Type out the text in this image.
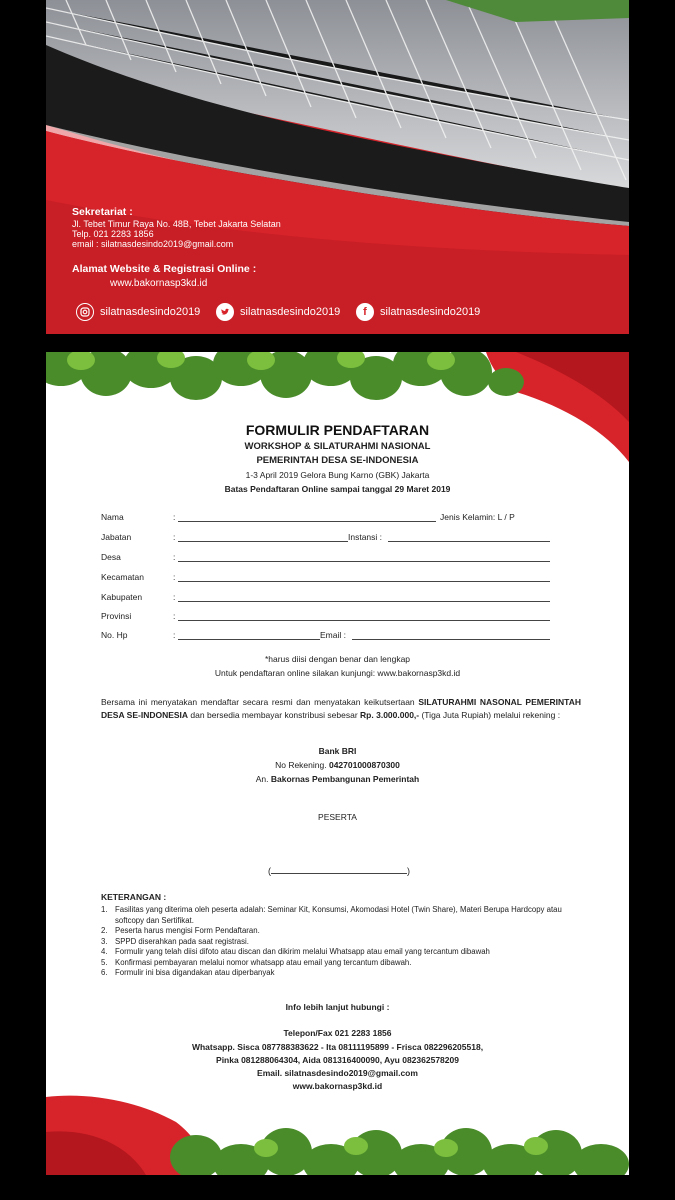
Sekretariat :
Jl. Tebet Timur Raya No. 48B, Tebet Jakarta Selatan
Telp. 021 2283 1856
email : silatnasdesindo2019@gmail.com
Alamat Website & Registrasi Online :
www.bakornasp3kd.id
silatnasdesindo2019	silatnasdesindo2019	f	silatnasdesindo2019
FORMULIR PENDAFTARAN
WORKSHOP & SILATURAHMI NASIONAL
PEMERINTAH DESA SE-INDONESIA
1-3 April 2019 Gelora Bung Karno (GBK) Jakarta
Batas Pendaftaran Online sampai tanggal 29 Maret 2019
Nama	:	Jenis Kelamin: L / P
Jabatan	:	Instansi :
Desa	:
Kecamatan	:
Kabupaten	:
Provinsi	:
No. Hp	:	Email :
*harus diisi dengan benar dan lengkap
Untuk pendaftaran online silakan kunjungi: www.bakornasp3kd.id
Bersama ini menyatakan mendaftar secara resmi dan menyatakan keikutsertaan SILATURAHMI NASONAL PEMERINTAH DESA SE-INDONESIA dan bersedia membayar konstribusi sebesar Rp. 3.000.000,- (Tiga Juta Rupiah) melalui rekening :
Bank BRI
No Rekening. 042701000870300
An. Bakornas Pembangunan Pemerintah
PESERTA
(	)
KETERANGAN :
1. Fasilitas yang diterima oleh peserta adalah: Seminar Kit, Konsumsi, Akomodasi Hotel (Twin Share), Materi Berupa Hardcopy atau softcopy dan Sertifikat.
2. Peserta harus mengisi Form Pendaftaran.
3. SPPD diserahkan pada saat registrasi.
4. Formulir yang telah diisi difoto atau discan dan dikirim melalui Whatsapp atau email yang tercantum dibawah
5. Konfirmasi pembayaran melalui nomor whatsapp atau email yang tercantum dibawah.
6. Formulir ini bisa digandakan atau diperbanyak
Info lebih lanjut hubungi :
Telepon/Fax 021 2283 1856
Whatsapp. Sisca 087788383622 - Ita 08111195899 - Frisca 082296205518,
Pinka 081288064304, Aida 081316400090, Ayu 082362578209
Email. silatnasdesindo2019@gmail.com
www.bakornasp3kd.id
